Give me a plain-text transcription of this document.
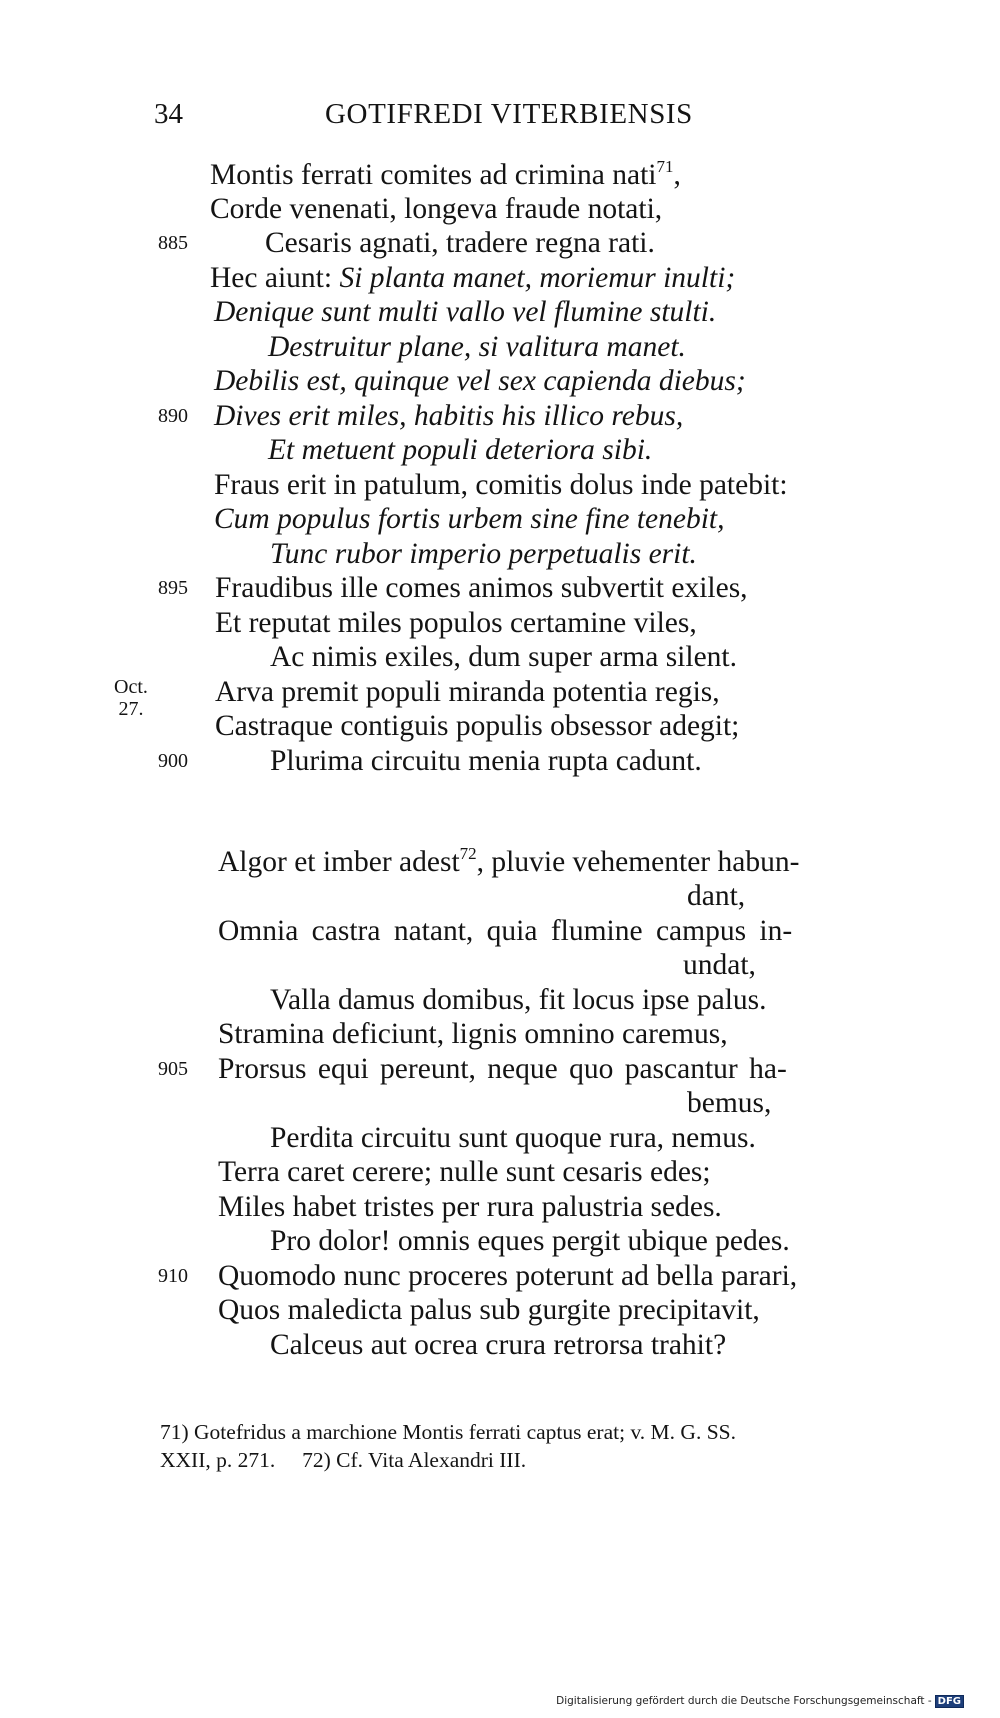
34	GOTIFREDI VITERBIENSIS
Montis ferrati comites ad crimina nati$^{71}$,
Corde venenati, longeva fraude notati,
885	Cesaris agnati, tradere regna rati.
Hec aiunt: Si planta manet, moriemur inulti;
Denique sunt multi vallo vel flumine stulti.
Destruitur plane, si valitura manet.
Debilis est, quinque vel sex capienda diebus;
890 Dives erit miles, habitis his illico rebus,
Et metuent populi deteriora sibi.
Fraus erit in patulum, comitis dolus inde patebit:
Cum populus fortis urbem sine fine tenebit,
Tunc rubor imperio perpetualis erit.
895 Fraudibus ille comes animos subvertit exiles,
Et reputat miles populos certamine viles,
Ac nimis exiles, dum super arma silent.
Oct.
27.
Arva premit populi miranda potentia regis,
Castraque contiguis populis obsessor adegit;
900	Plurima circuitu menia rupta cadunt.
Algor et imber adest$^{72}$, pluvie vehementer habun-
dant,
Omnia castra natant, quia flumine campus in-
undat,
Valla damus domibus, fit locus ipse palus.
Stramina deficiunt, lignis omnino caremus,
905 Prorsus equi pereunt, neque quo pascantur ha-
bemus,
Perdita circuitu sunt quoque rura, nemus.
Terra caret cerere; nulle sunt cesaris edes;
Miles habet tristes per rura palustria sedes.
Pro dolor! omnis eques pergit ubique pedes.
910 Quomodo nunc proceres poterunt ad bella parari,
Quos maledicta palus sub gurgite precipitavit,
Calceus aut ocrea crura retrorsa trahit?
71) Gotefridus a marchione Montis ferrati captus erat; v. M. G. SS.
XXII, p. 271.     72) Cf. Vita Alexandri III.
Digitalisierung gefördert durch die Deutsche Forschungsgemeinschaft - DFG
